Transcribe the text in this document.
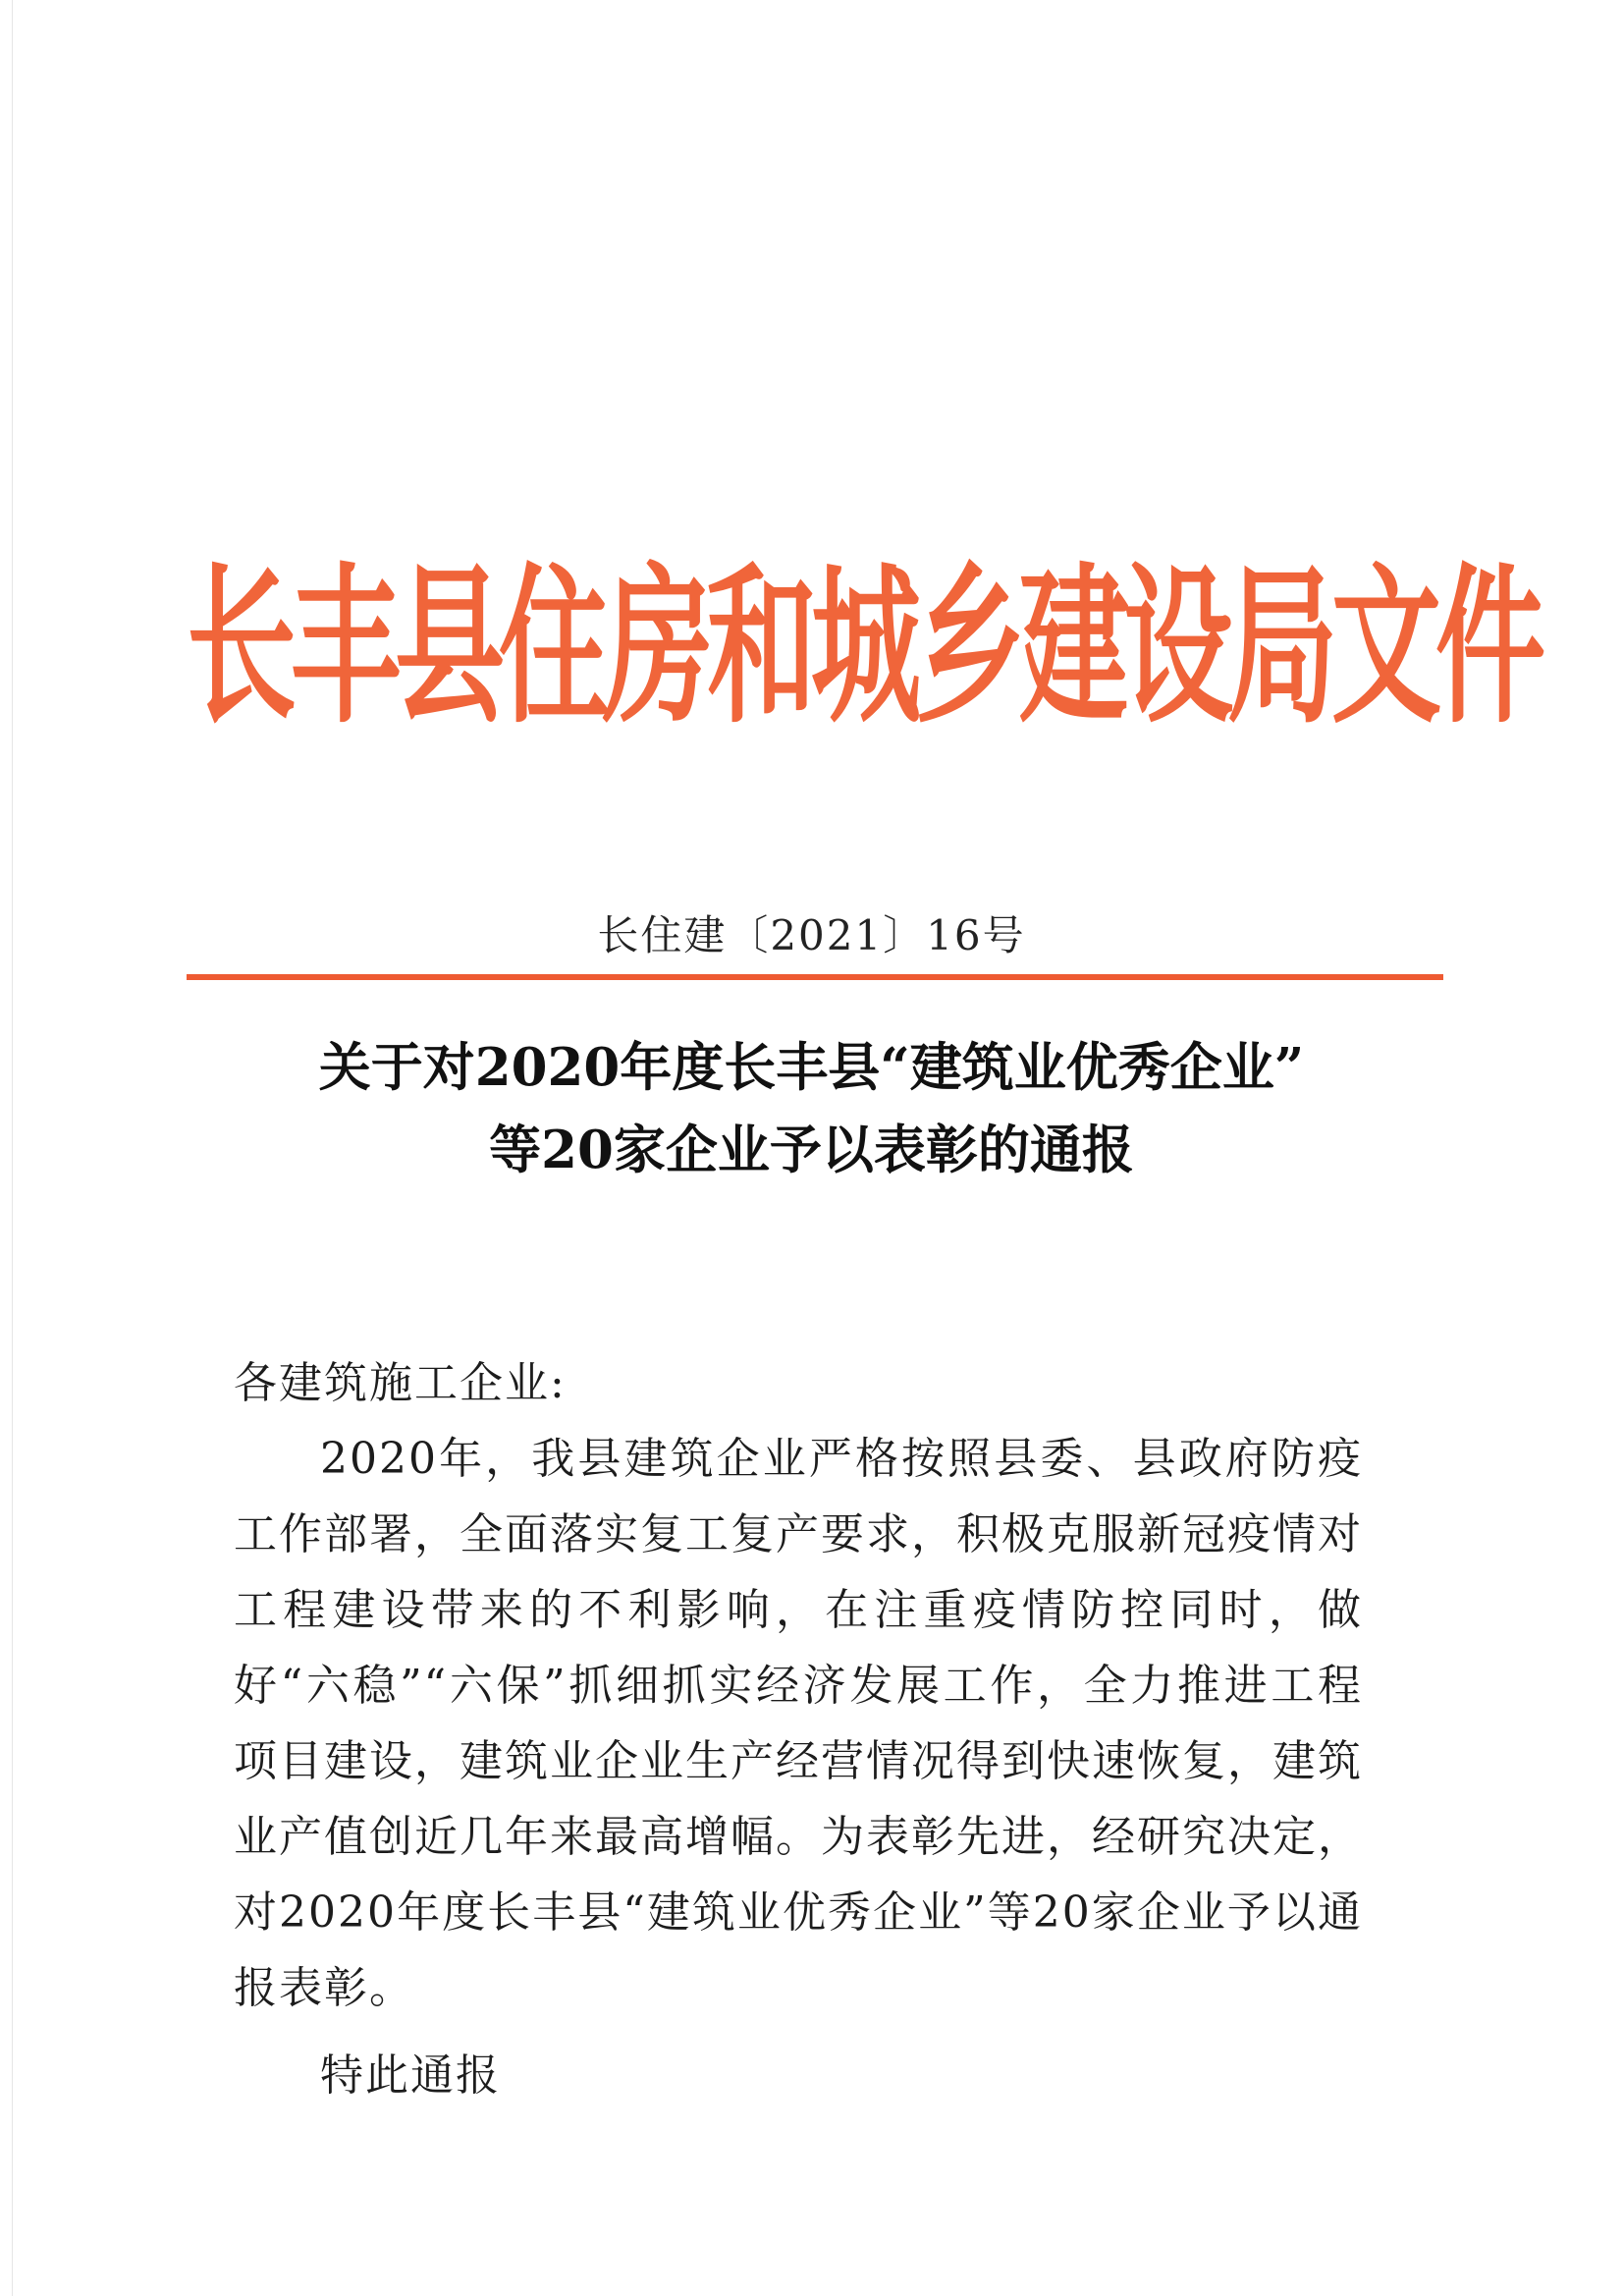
长丰县住房和城乡建设局文件
长住建〔2021〕16号
关于对2020年度长丰县“建筑业优秀企业”
等20家企业予以表彰的通报

各建筑施工企业:

2020年，我县建筑企业严格按照县委、县政府防疫工作部署，全面落实复工复产要求，积极克服新冠疫情对工程建设带来的不利影响，在注重疫情防控同时，做好“六稳”“六保”抓细抓实经济发展工作，全力推进工程项目建设，建筑业企业生产经营情况得到快速恢复，建筑业产值创近几年来最高增幅。为表彰先进，经研究决定，对2020年度长丰县“建筑业优秀企业”等20家企业予以通报表彰。

特此通报
